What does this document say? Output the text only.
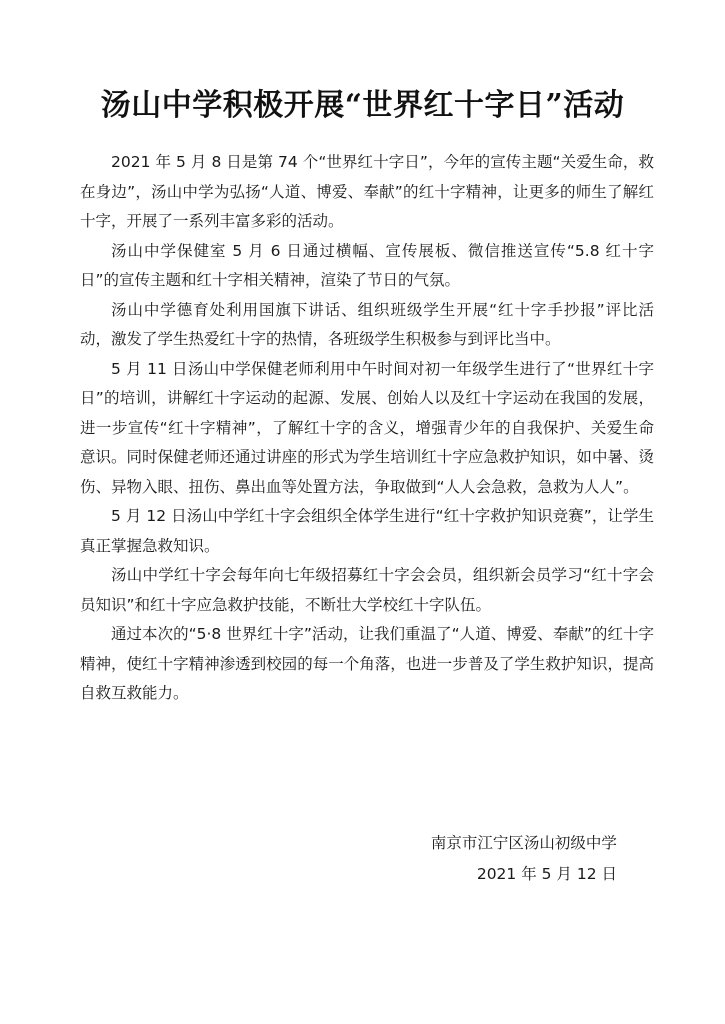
汤山中学积极开展“世界红十字日”活动

2021 年 5 月 8 日是第 74 个“世界红十字日”，今年的宣传主题“关爱生命，救在身边”，汤山中学为弘扬“人道、博爱、奉献”的红十字精神，让更多的师生了解红十字，开展了一系列丰富多彩的活动。

汤山中学保健室 5 月 6 日通过横幅、宣传展板、微信推送宣传“5.8 红十字日”的宣传主题和红十字相关精神，渲染了节日的气氛。

汤山中学德育处利用国旗下讲话、组织班级学生开展“红十字手抄报”评比活动，激发了学生热爱红十字的热情，各班级学生积极参与到评比当中。

5 月 11 日汤山中学保健老师利用中午时间对初一年级学生进行了“世界红十字日”的培训，讲解红十字运动的起源、发展、创始人以及红十字运动在我国的发展，进一步宣传“红十字精神”，了解红十字的含义，增强青少年的自我保护、关爱生命意识。同时保健老师还通过讲座的形式为学生培训红十字应急救护知识，如中暑、烫伤、异物入眼、扭伤、鼻出血等处置方法，争取做到“人人会急救，急救为人人”。

5 月 12 日汤山中学红十字会组织全体学生进行“红十字救护知识竞赛”，让学生真正掌握急救知识。

汤山中学红十字会每年向七年级招募红十字会会员，组织新会员学习“红十字会员知识”和红十字应急救护技能，不断壮大学校红十字队伍。

通过本次的“5·8 世界红十字”活动，让我们重温了“人道、博爱、奉献”的红十字精神，使红十字精神渗透到校园的每一个角落，也进一步普及了学生救护知识，提高自救互救能力。

南京市江宁区汤山初级中学
2021 年 5 月 12 日
